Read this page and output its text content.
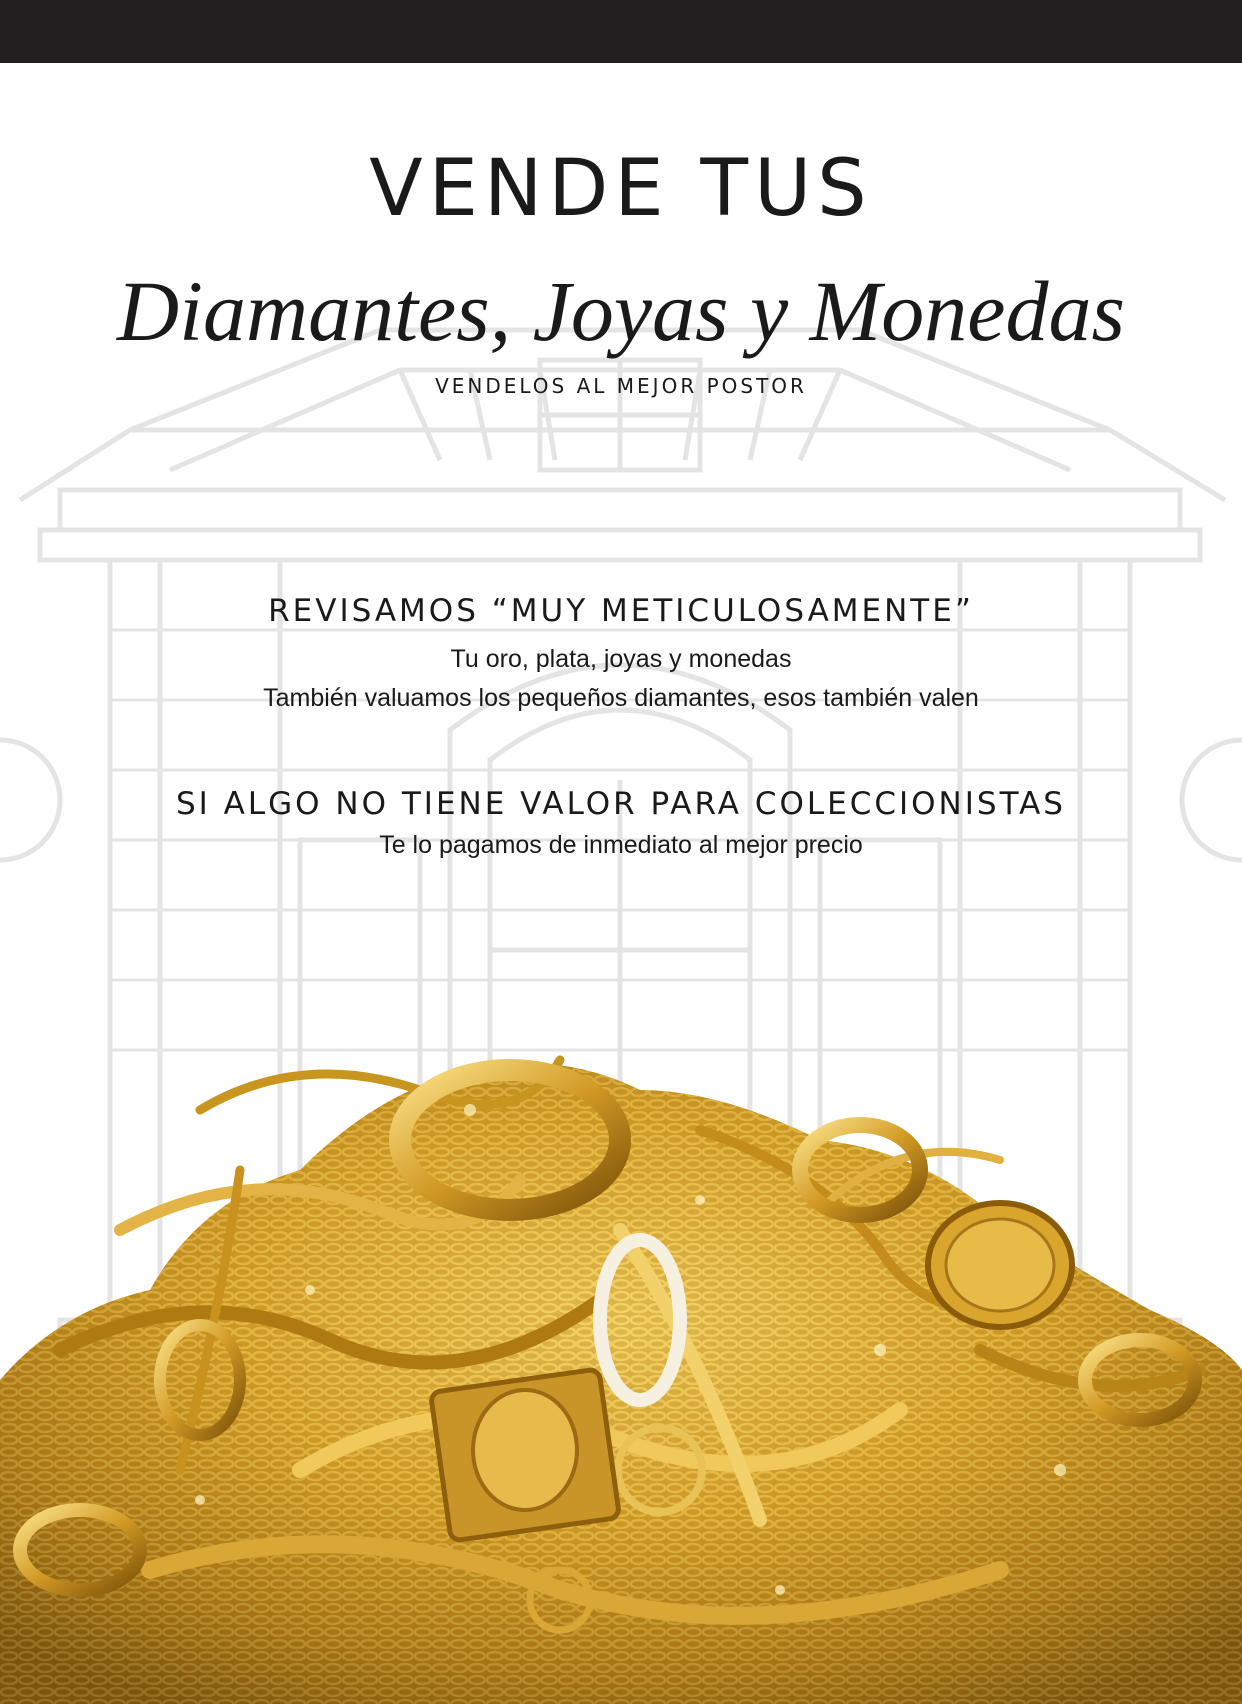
VENDE TUS
Diamantes, Joyas y Monedas
VENDELOS AL MEJOR POSTOR
REVISAMOS “MUY METICULOSAMENTE”
Tu oro, plata, joyas y monedas
También valuamos los pequeños diamantes, esos también valen
SI ALGO NO TIENE VALOR PARA COLECCIONISTAS
Te lo pagamos de inmediato al mejor precio
